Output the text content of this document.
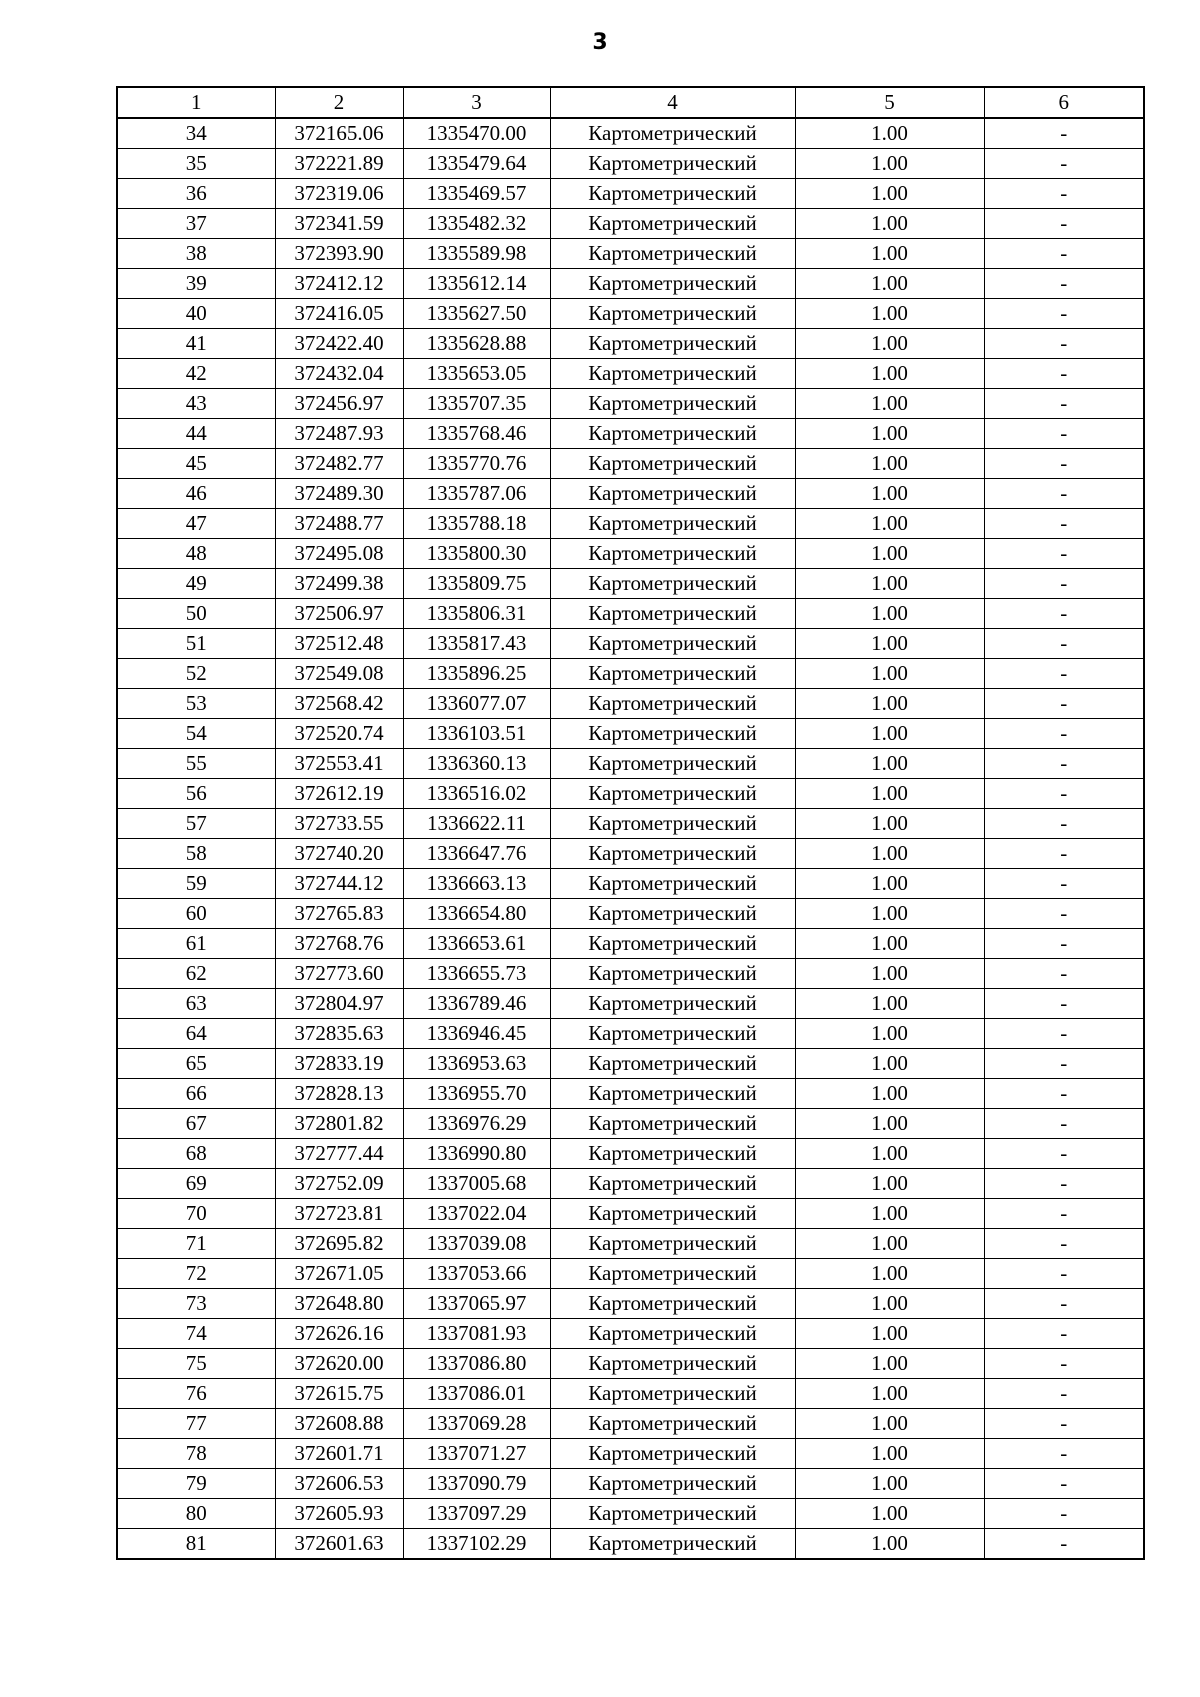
3
1	2	3	4	5	6
34	372165.06	1335470.00	Картометрический	1.00	-
35	372221.89	1335479.64	Картометрический	1.00	-
36	372319.06	1335469.57	Картометрический	1.00	-
37	372341.59	1335482.32	Картометрический	1.00	-
38	372393.90	1335589.98	Картометрический	1.00	-
39	372412.12	1335612.14	Картометрический	1.00	-
40	372416.05	1335627.50	Картометрический	1.00	-
41	372422.40	1335628.88	Картометрический	1.00	-
42	372432.04	1335653.05	Картометрический	1.00	-
43	372456.97	1335707.35	Картометрический	1.00	-
44	372487.93	1335768.46	Картометрический	1.00	-
45	372482.77	1335770.76	Картометрический	1.00	-
46	372489.30	1335787.06	Картометрический	1.00	-
47	372488.77	1335788.18	Картометрический	1.00	-
48	372495.08	1335800.30	Картометрический	1.00	-
49	372499.38	1335809.75	Картометрический	1.00	-
50	372506.97	1335806.31	Картометрический	1.00	-
51	372512.48	1335817.43	Картометрический	1.00	-
52	372549.08	1335896.25	Картометрический	1.00	-
53	372568.42	1336077.07	Картометрический	1.00	-
54	372520.74	1336103.51	Картометрический	1.00	-
55	372553.41	1336360.13	Картометрический	1.00	-
56	372612.19	1336516.02	Картометрический	1.00	-
57	372733.55	1336622.11	Картометрический	1.00	-
58	372740.20	1336647.76	Картометрический	1.00	-
59	372744.12	1336663.13	Картометрический	1.00	-
60	372765.83	1336654.80	Картометрический	1.00	-
61	372768.76	1336653.61	Картометрический	1.00	-
62	372773.60	1336655.73	Картометрический	1.00	-
63	372804.97	1336789.46	Картометрический	1.00	-
64	372835.63	1336946.45	Картометрический	1.00	-
65	372833.19	1336953.63	Картометрический	1.00	-
66	372828.13	1336955.70	Картометрический	1.00	-
67	372801.82	1336976.29	Картометрический	1.00	-
68	372777.44	1336990.80	Картометрический	1.00	-
69	372752.09	1337005.68	Картометрический	1.00	-
70	372723.81	1337022.04	Картометрический	1.00	-
71	372695.82	1337039.08	Картометрический	1.00	-
72	372671.05	1337053.66	Картометрический	1.00	-
73	372648.80	1337065.97	Картометрический	1.00	-
74	372626.16	1337081.93	Картометрический	1.00	-
75	372620.00	1337086.80	Картометрический	1.00	-
76	372615.75	1337086.01	Картометрический	1.00	-
77	372608.88	1337069.28	Картометрический	1.00	-
78	372601.71	1337071.27	Картометрический	1.00	-
79	372606.53	1337090.79	Картометрический	1.00	-
80	372605.93	1337097.29	Картометрический	1.00	-
81	372601.63	1337102.29	Картометрический	1.00	-
